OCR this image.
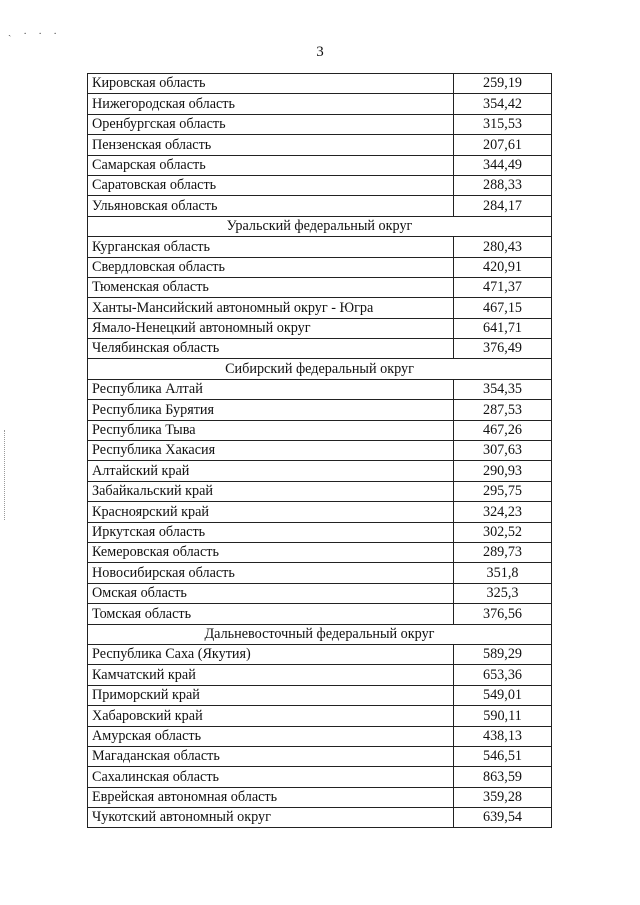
ˎ . . .
3
Кировская область	259,19
Нижегородская область	354,42
Оренбургская область	315,53
Пензенская область	207,61
Самарская область	344,49
Саратовская область	288,33
Ульяновская область	284,17
Уральский федеральный округ	
Курганская область	280,43
Свердловская область	420,91
Тюменская область	471,37
Ханты-Мансийский автономный округ - Югра	467,15
Ямало-Ненецкий автономный округ	641,71
Челябинская область	376,49
Сибирский федеральный округ	
Республика Алтай	354,35
Республика Бурятия	287,53
Республика Тыва	467,26
Республика Хакасия	307,63
Алтайский край	290,93
Забайкальский край	295,75
Красноярский край	324,23
Иркутская область	302,52
Кемеровская область	289,73
Новосибирская область	351,8
Омская область	325,3
Томская область	376,56
Дальневосточный федеральный округ	
Республика Саха (Якутия)	589,29
Камчатский край	653,36
Приморский край	549,01
Хабаровский край	590,11
Амурская область	438,13
Магаданская область	546,51
Сахалинская область	863,59
Еврейская автономная область	359,28
Чукотский автономный округ	639,54
